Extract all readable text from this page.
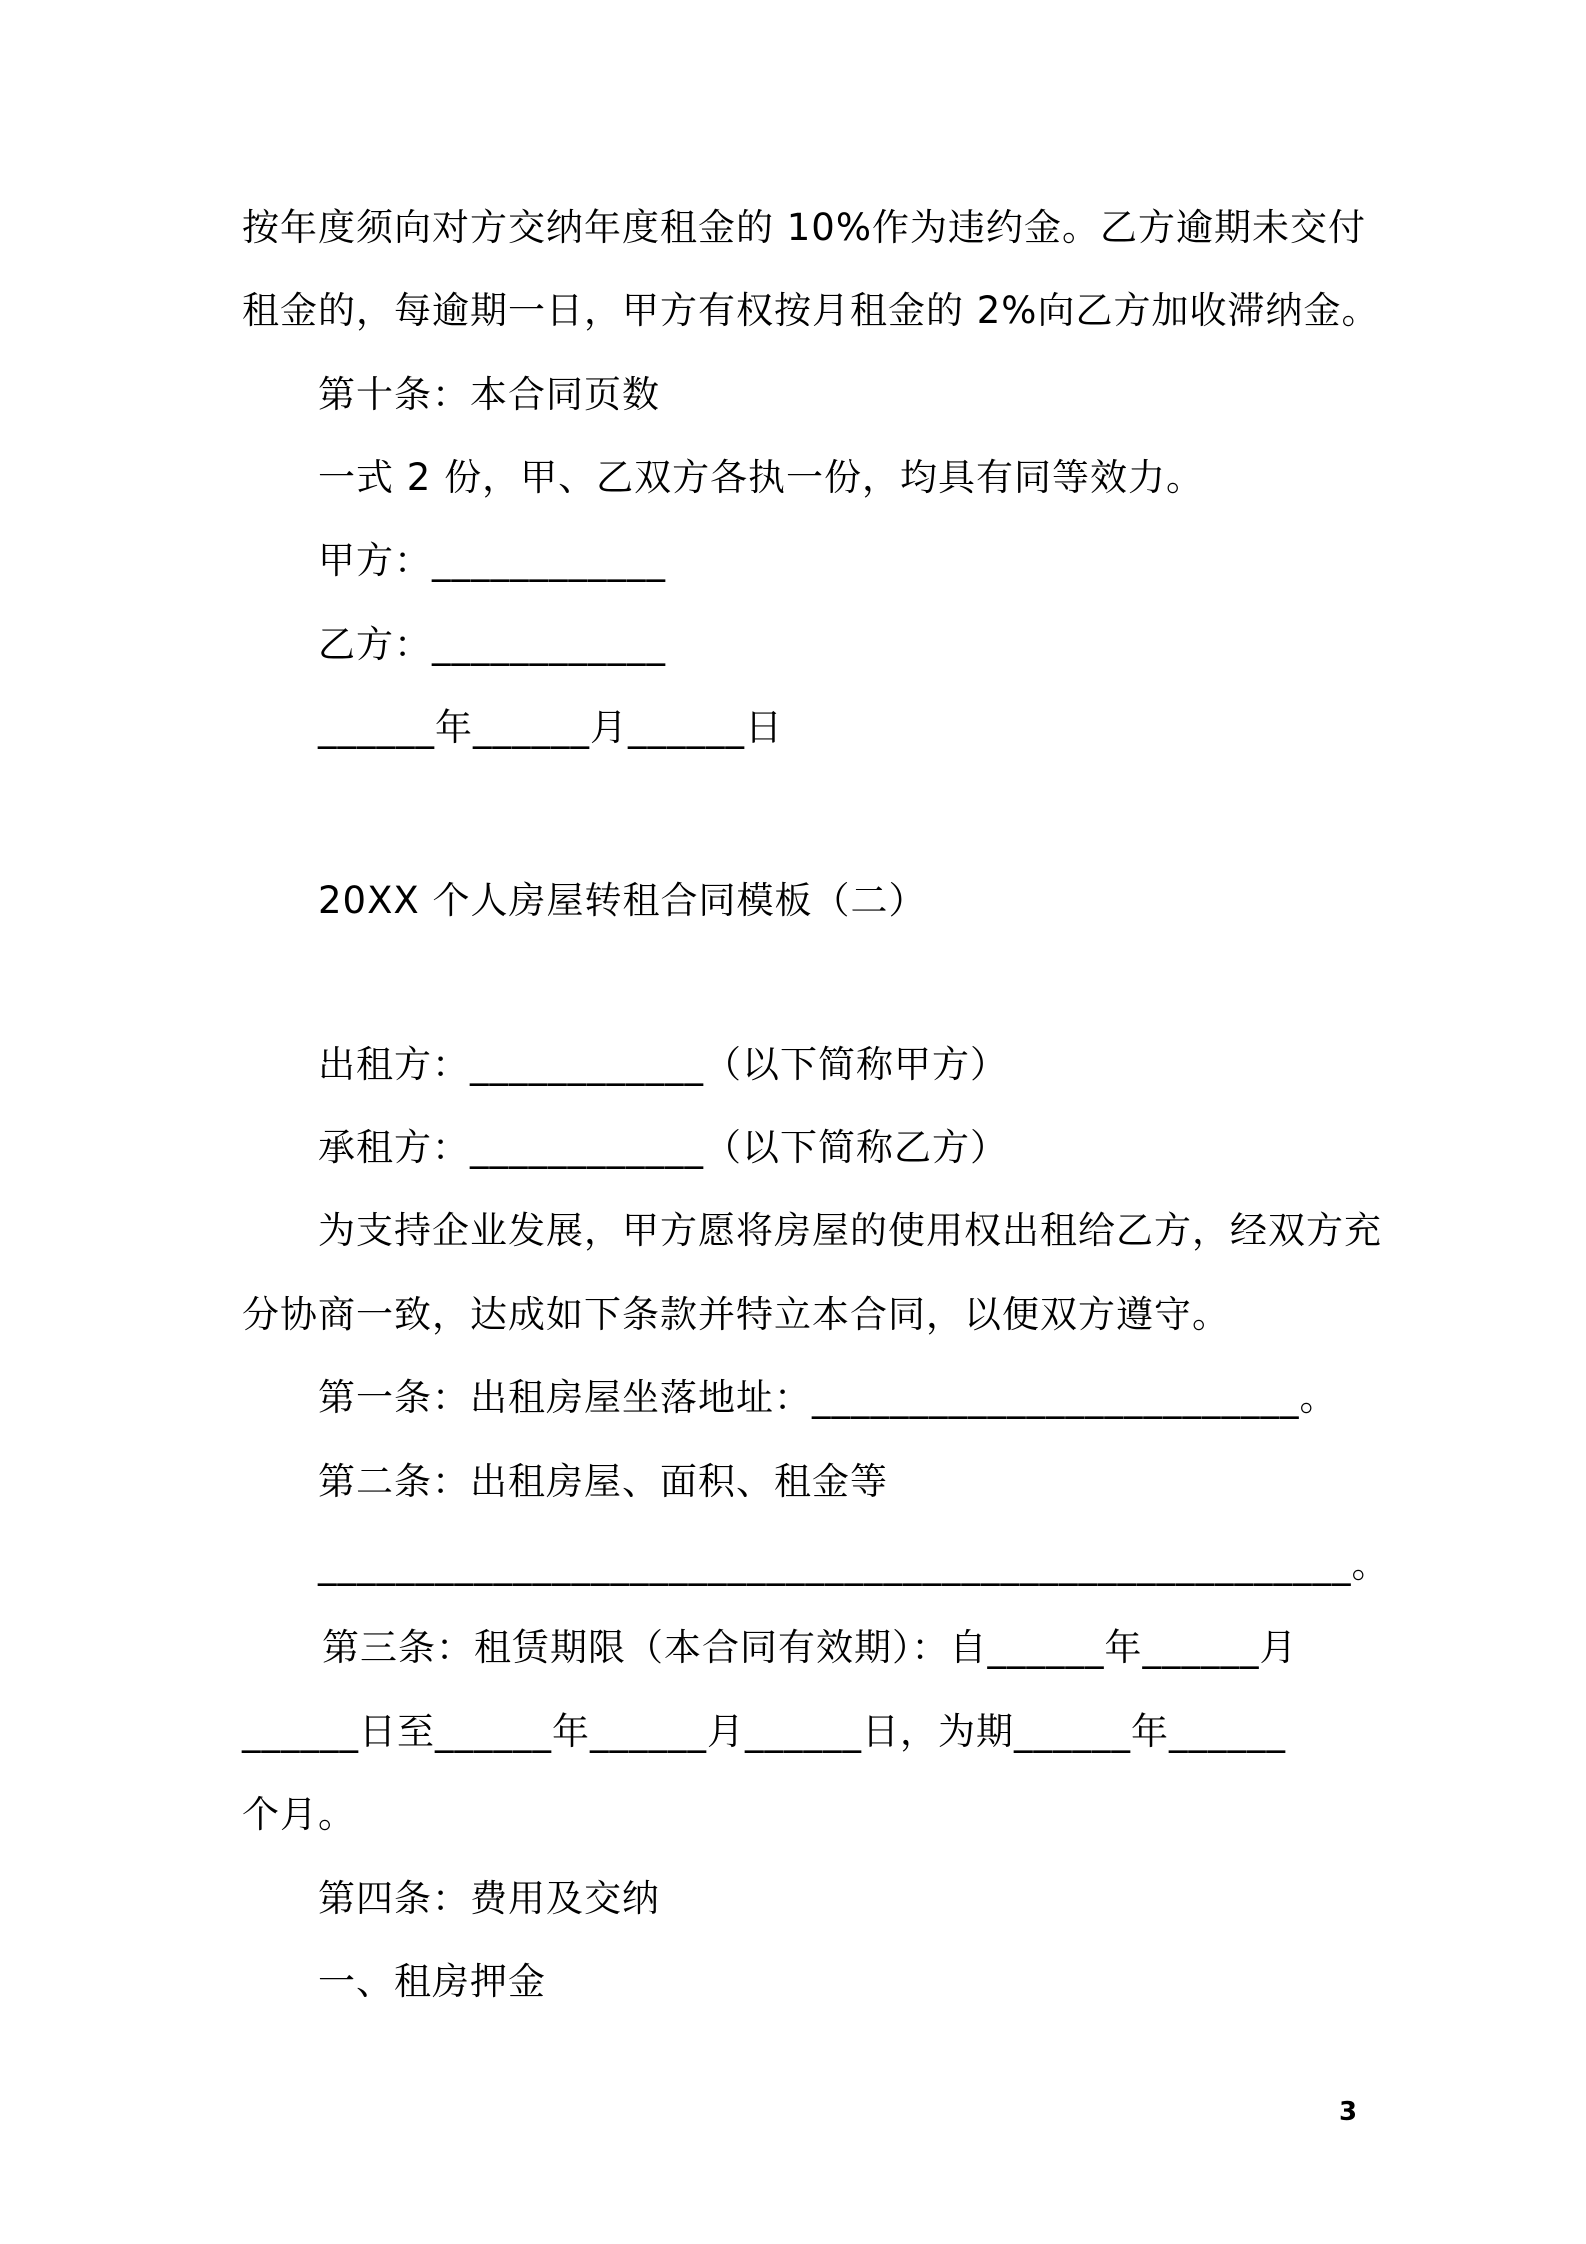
按年度须向对方交纳年度租金的 10%作为违约金。乙方逾期未交付
租金的，每逾期一日，甲方有权按月租金的 2%向乙方加收滞纳金。
第十条：本合同页数
一式 2 份，甲、乙双方各执一份，均具有同等效力。
甲方：____________
乙方：____________
______年______月______日
20XX 个人房屋转租合同模板（二）
出租方：____________（以下简称甲方）
承租方：____________（以下简称乙方）
为支持企业发展，甲方愿将房屋的使用权出租给乙方，经双方充
分协商一致，达成如下条款并特立本合同，以便双方遵守。
第一条：出租房屋坐落地址：_________________________。
第二条：出租房屋、面积、租金等
_____________________________________________________。
第三条：租赁期限（本合同有效期）：自______年______月
______日至______年______月______日，为期______年______
个月。
第四条：费用及交纳
一、租房押金
3
